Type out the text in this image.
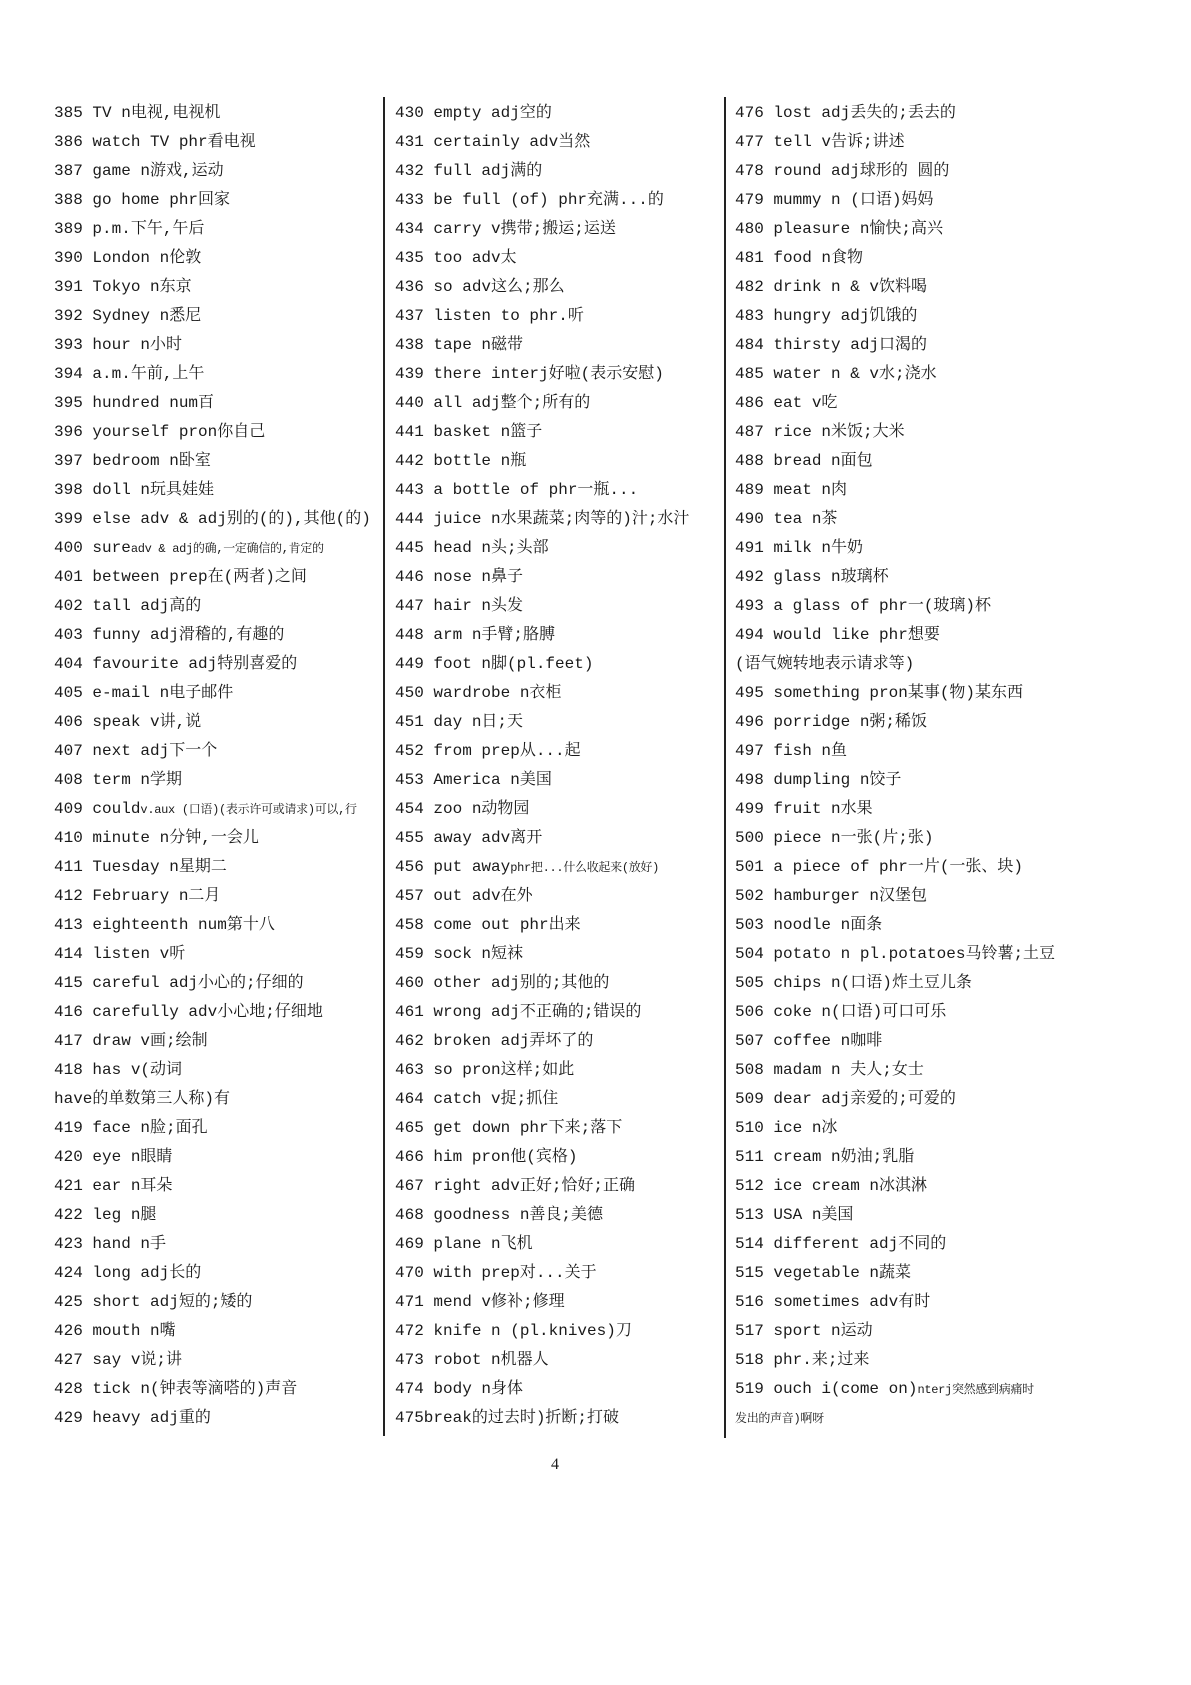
385 TV n电视,电视机
386 watch TV phr看电视
387 game n游戏,运动
388 go home phr回家
389 p.m.下午,午后
390 London n伦敦
391 Tokyo n东京
392 Sydney n悉尼
393 hour n小时
394 a.m.午前,上午
395 hundred num百
396 yourself pron你自己
397 bedroom n卧室
398 doll n玩具娃娃
399 else adv & adj别的(的),其他(的)
400 sureadv & adj的确,一定确信的,肯定的
401 between prep在(两者)之间
402 tall adj高的
403 funny adj滑稽的,有趣的
404 favourite adj特别喜爱的
405 e-mail n电子邮件
406 speak v讲,说
407 next adj下一个
408 term n学期
409 couldv.aux (口语)(表示许可或请求)可以,行
410 minute n分钟,一会儿
411 Tuesday n星期二
412 February n二月
413 eighteenth num第十八
414 listen v听
415 careful adj小心的;仔细的
416 carefully adv小心地;仔细地
417 draw v画;绘制
418 has v(动词
have的单数第三人称)有
419 face n脸;面孔
420 eye n眼睛
421 ear n耳朵
422 leg n腿
423 hand n手
424 long adj长的
425 short adj短的;矮的
426 mouth n嘴
427 say v说;讲
428 tick n(钟表等滴嗒的)声音
429 heavy adj重的
430 empty adj空的
431 certainly adv当然
432 full adj满的
433 be full (of) phr充满...的
434 carry v携带;搬运;运送
435 too adv太
436 so adv这么;那么
437 listen to phr.听
438 tape n磁带
439 there interj好啦(表示安慰)
440 all adj整个;所有的
441 basket n篮子
442 bottle n瓶
443 a bottle of phr一瓶...
444 juice n水果蔬菜;肉等的)汁;水汁
445 head n头;头部
446 nose n鼻子
447 hair n头发
448 arm n手臂;胳膊
449 foot n脚(pl.feet)
450 wardrobe n衣柜
451 day n日;天
452 from prep从...起
453 America n美国
454 zoo n动物园
455 away adv离开
456 put awayphr把...什么收起来(放好)
457 out adv在外
458 come out phr出来
459 sock n短袜
460 other adj别的;其他的
461 wrong adj不正确的;错误的
462 broken adj弄坏了的
463 so pron这样;如此
464 catch v捉;抓住
465 get down phr下来;落下
466 him pron他(宾格)
467 right adv正好;恰好;正确
468 goodness n善良;美德
469 plane n飞机
470 with prep对...关于
471 mend v修补;修理
472 knife n (pl.knives)刀
473 robot n机器人
474 body n身体
475break的过去时)折断;打破
476 lost adj丢失的;丢去的
477 tell v告诉;讲述
478 round adj球形的 圆的
479 mummy n (口语)妈妈
480 pleasure n愉快;高兴
481 food n食物
482 drink n & v饮料喝
483 hungry adj饥饿的
484 thirsty adj口渴的
485 water n & v水;浇水
486 eat v吃
487 rice n米饭;大米
488 bread n面包
489 meat n肉
490 tea n茶
491 milk n牛奶
492 glass n玻璃杯
493 a glass of phr一(玻璃)杯
494 would like phr想要
(语气婉转地表示请求等)
495 something pron某事(物)某东西
496 porridge n粥;稀饭
497 fish n鱼
498 dumpling n饺子
499 fruit n水果
500 piece n一张(片;张)
501 a piece of phr一片(一张、块)
502 hamburger n汉堡包
503 noodle n面条
504 potato n pl.potatoes马铃薯;土豆
505 chips n(口语)炸土豆儿条
506 coke n(口语)可口可乐
507 coffee n咖啡
508 madam n 夫人;女士
509 dear adj亲爱的;可爱的
510 ice n冰
511 cream n奶油;乳脂
512 ice cream n冰淇淋
513 USA n美国
514 different adj不同的
515 vegetable n蔬菜
516 sometimes adv有时
517 sport n运动
518 phr.来;过来
519 ouch i(come on)nterj突然感到病痛时
发出的声音)啊呀
4
